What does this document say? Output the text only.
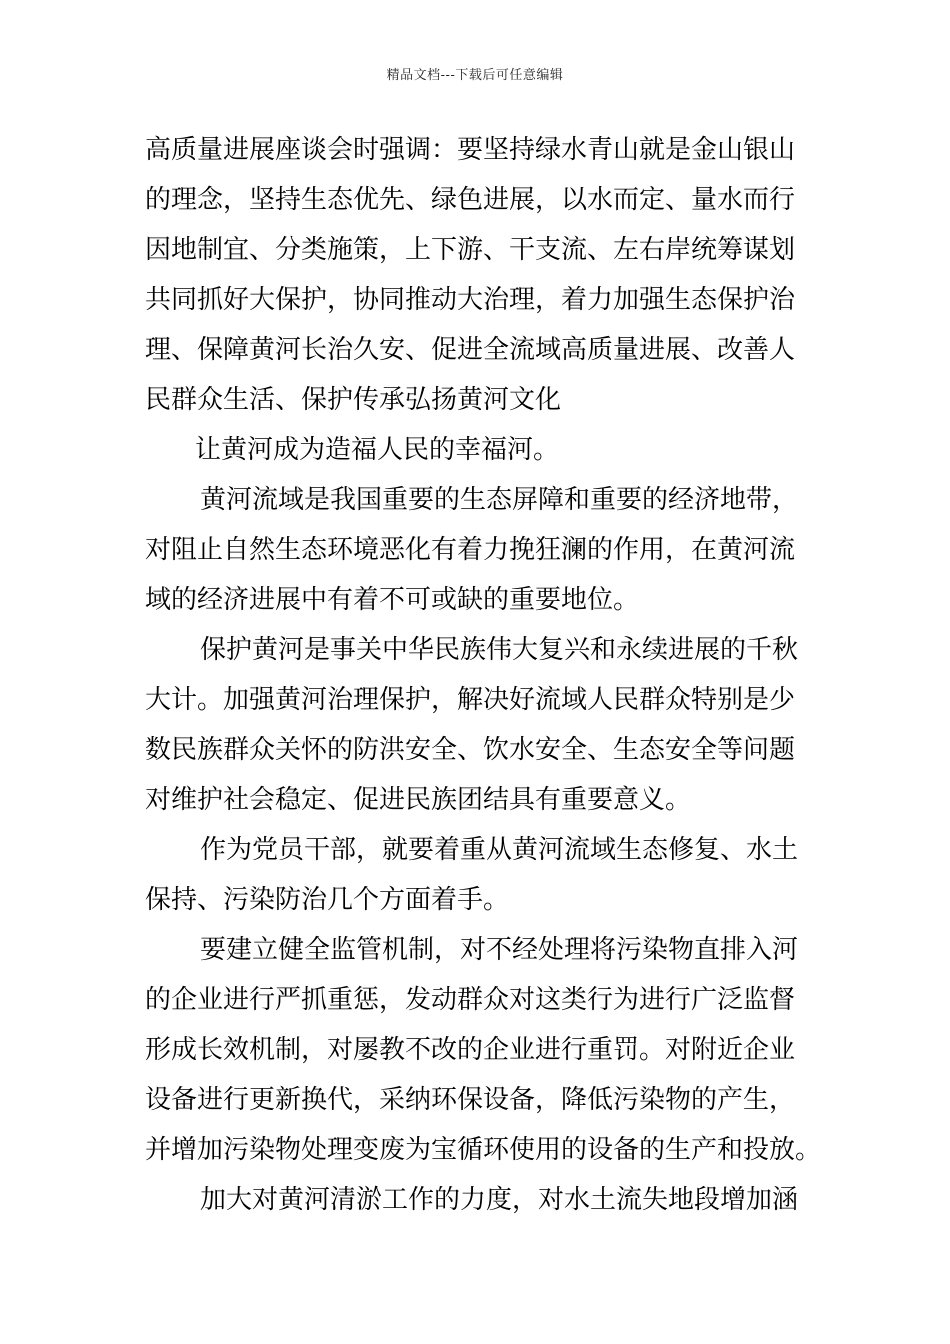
精品文档---下载后可任意编辑
高质量进展座谈会时强调：要坚持绿水青山就是金山银山
的理念，坚持生态优先、绿色进展，以水而定、量水而行
因地制宜、分类施策，上下游、干支流、左右岸统筹谋划
共同抓好大保护，协同推动大治理，着力加强生态保护治
理、保障黄河长治久安、促进全流域高质量进展、改善人
民群众生活、保护传承弘扬黄河文化
让黄河成为造福人民的幸福河。
黄河流域是我国重要的生态屏障和重要的经济地带，
对阻止自然生态环境恶化有着力挽狂澜的作用，在黄河流
域的经济进展中有着不可或缺的重要地位。
保护黄河是事关中华民族伟大复兴和永续进展的千秋
大计。加强黄河治理保护，解决好流域人民群众特别是少
数民族群众关怀的防洪安全、饮水安全、生态安全等问题
对维护社会稳定、促进民族团结具有重要意义。
作为党员干部，就要着重从黄河流域生态修复、水土
保持、污染防治几个方面着手。
要建立健全监管机制，对不经处理将污染物直排入河
的企业进行严抓重惩，发动群众对这类行为进行广泛监督
形成长效机制，对屡教不改的企业进行重罚。对附近企业
设备进行更新换代，采纳环保设备，降低污染物的产生，
并增加污染物处理变废为宝循环使用的设备的生产和投放。
加大对黄河清淤工作的力度，对水土流失地段增加涵
